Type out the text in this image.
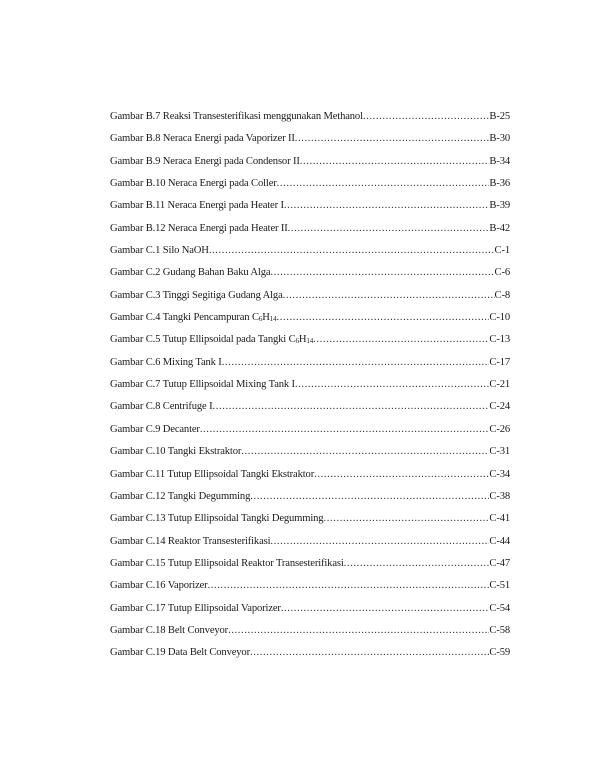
Gambar B.7 Reaksi Transesterifikasi menggunakan Methanol .....	B-25
Gambar B.8 Neraca Energi pada Vaporizer II .....	B-30
Gambar B.9 Neraca Energi pada Condensor II .....	B-34
Gambar B.10 Neraca Energi pada Coller .....	B-36
Gambar B.11 Neraca Energi pada Heater I .....	B-39
Gambar B.12 Neraca Energi pada Heater II .....	B-42
Gambar C.1 Silo NaOH .....	C-1
Gambar C.2 Gudang Bahan Baku Alga .....	C-6
Gambar C.3 Tinggi Segitiga Gudang Alga .....	C-8
Gambar C.4 Tangki Pencampuran $C_6H_{14}$ .....	C-10
Gambar C.5 Tutup Ellipsoidal pada Tangki $C_6H_{14}$ .....	C-13
Gambar C.6 Mixing Tank I .....	C-17
Gambar C.7 Tutup Ellipsoidal Mixing Tank I .....	C-21
Gambar C.8 Centrifuge I .....	C-24
Gambar C.9 Decanter .....	C-26
Gambar C.10 Tangki Ekstraktor .....	C-31
Gambar C.11 Tutup Ellipsoidal Tangki Ekstraktor .....	C-34
Gambar C.12 Tangki Degumming .....	C-38
Gambar C.13 Tutup Ellipsoidal Tangki Degumming .....	C-41
Gambar C.14 Reaktor Transesterifikasi .....	C-44
Gambar C.15 Tutup Ellipsoidal Reaktor Transesterifikasi .....	C-47
Gambar C.16 Vaporizer .....	C-51
Gambar C.17 Tutup Ellipsoidal Vaporizer .....	C-54
Gambar C.18 Belt Conveyor .....	C-58
Gambar C.19 Data Belt Conveyor .....	C-59
